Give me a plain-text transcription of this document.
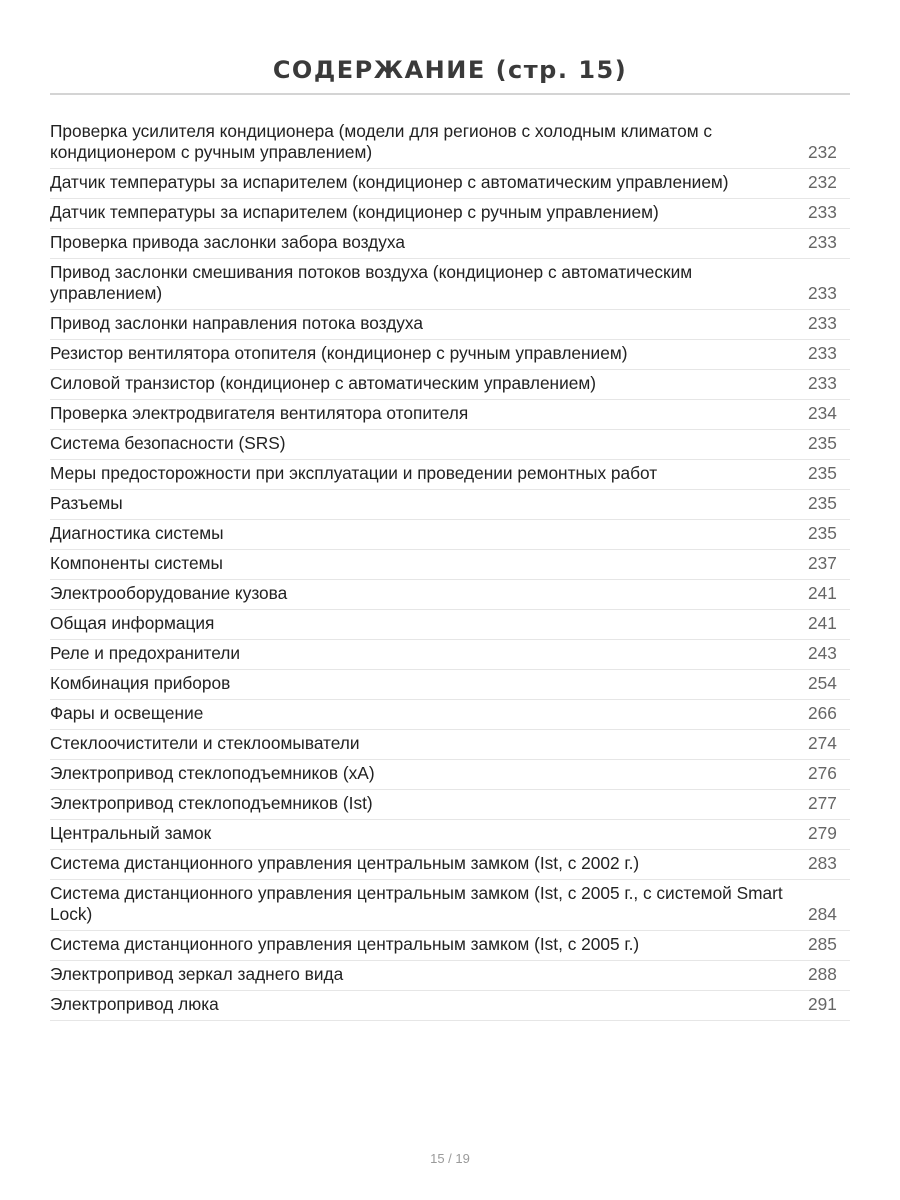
СОДЕРЖАНИЕ (стр. 15)
Проверка усилителя кондиционера (модели для регионов с холодным климатом с кондиционером с ручным управлением)	232
Датчик температуры за испарителем (кондиционер с автоматическим управлением)	232
Датчик температуры за испарителем (кондиционер с ручным управлением)	233
Проверка привода заслонки забора воздуха	233
Привод заслонки смешивания потоков воздуха (кондиционер с автоматическим управлением)	233
Привод заслонки направления потока воздуха	233
Резистор вентилятора отопителя (кондиционер с ручным управлением)	233
Силовой транзистор (кондиционер с автоматическим управлением)	233
Проверка электродвигателя вентилятора отопителя	234
Система безопасности (SRS)	235
Меры предосторожности при эксплуатации и проведении ремонтных работ	235
Разъемы	235
Диагностика системы	235
Компоненты системы	237
Электрооборудование кузова	241
Общая информация	241
Реле и предохранители	243
Комбинация приборов	254
Фары и освещение	266
Стеклоочистители и стеклоомыватели	274
Электропривод стеклоподъемников (xA)	276
Электропривод стеклоподъемников (Ist)	277
Центральный замок	279
Система дистанционного управления центральным замком (Ist, с 2002 г.)	283
Система дистанционного управления центральным замком (Ist, с 2005 г., с системой Smart Lock)	284
Система дистанционного управления центральным замком (Ist, с 2005 г.)	285
Электропривод зеркал заднего вида	288
Электропривод люка	291
15 / 19
